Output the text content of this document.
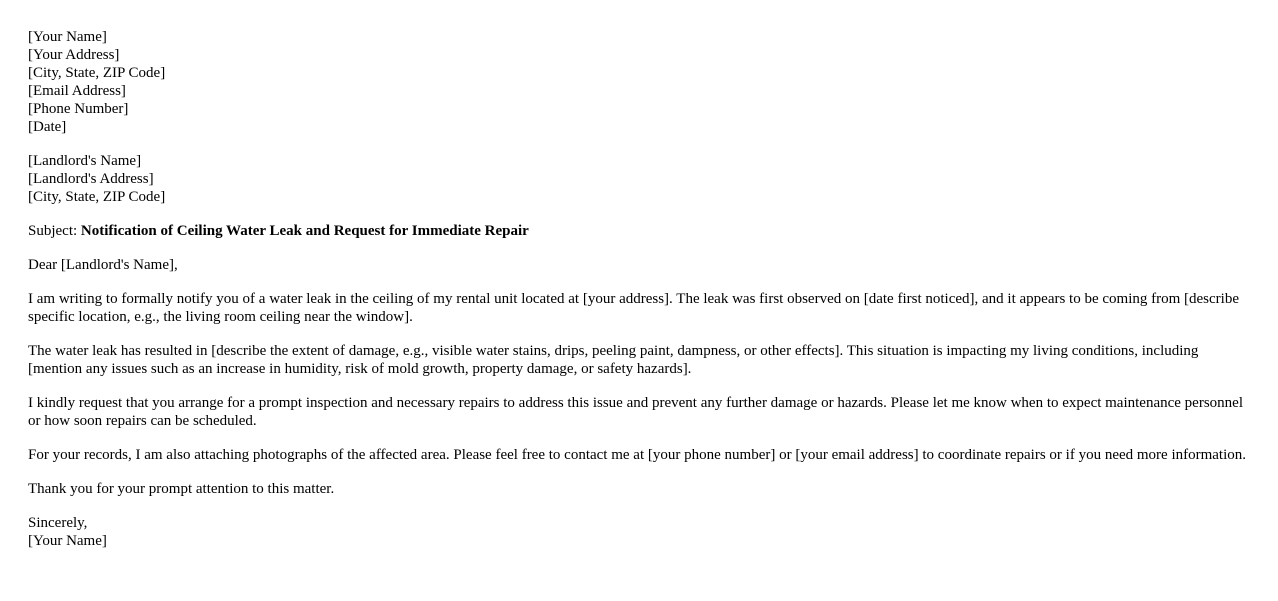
[Your Name]
[Your Address]
[City, State, ZIP Code]
[Email Address]
[Phone Number]
[Date]
[Landlord's Name]
[Landlord's Address]
[City, State, ZIP Code]

Subject: Notification of Ceiling Water Leak and Request for Immediate Repair

Dear [Landlord's Name],

I am writing to formally notify you of a water leak in the ceiling of my rental unit located at [your address]. The leak was first observed on [date first noticed], and it appears to be coming from [describe specific location, e.g., the living room ceiling near the window].

The water leak has resulted in [describe the extent of damage, e.g., visible water stains, drips, peeling paint, dampness, or other effects]. This situation is impacting my living conditions, including [mention any issues such as an increase in humidity, risk of mold growth, property damage, or safety hazards].

I kindly request that you arrange for a prompt inspection and necessary repairs to address this issue and prevent any further damage or hazards. Please let me know when to expect maintenance personnel or how soon repairs can be scheduled.

For your records, I am also attaching photographs of the affected area. Please feel free to contact me at [your phone number] or [your email address] to coordinate repairs or if you need more information.

Thank you for your prompt attention to this matter.

Sincerely,
[Your Name]
